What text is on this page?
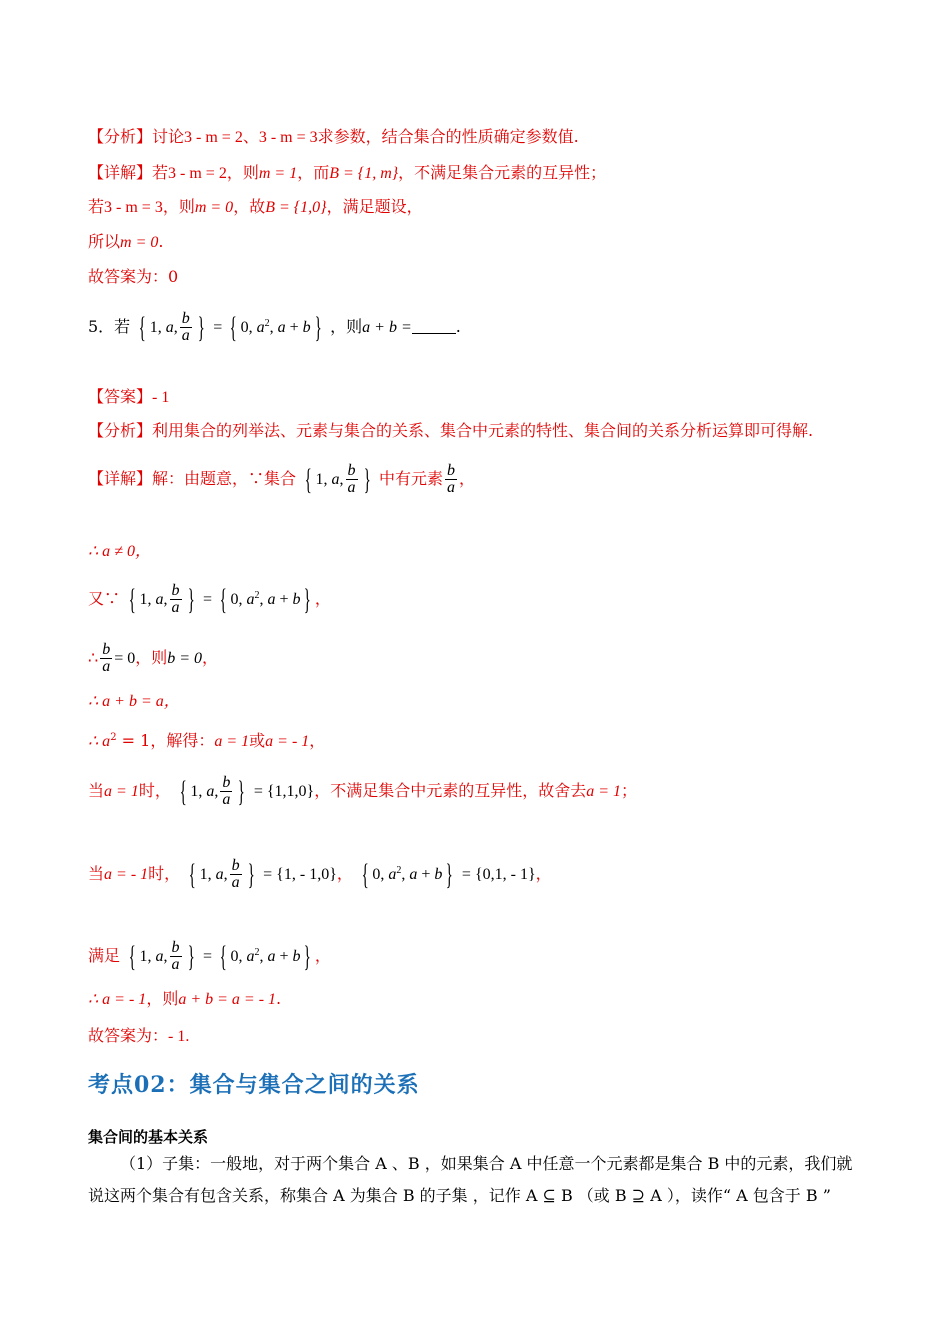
【分析】讨论3 - m = 2、3 - m = 3求参数，结合集合的性质确定参数值.
【详解】若3 - m = 2，则m = 1，而B = {1, m}，不满足集合元素的互异性；
若3 - m = 3，则m = 0，故B = {1,0}，满足题设，
所以m = 0.
故答案为：0
5．若 { 1, a, $\frac{b}{a}$ } = { 0, $a^2$, a + b } ，则a + b =	.
【答案】- 1
【分析】利用集合的列举法、元素与集合的关系、集合中元素的特性、集合间的关系分析运算即可得解.
【详解】解：由题意，∵集合 { 1, a, $\frac{b}{a}$ } 中有元素 $\frac{b}{a}$ ，
∴ a ≠ 0，
又∵ { 1, a, $\frac{b}{a}$ } = { 0, $a^2$, a + b } ，
∴ $\frac{b}{a} = 0$，则b = 0，
∴ a + b = a，
∴ $a^2 = 1$，解得：a = 1或a = - 1，
当a = 1时， { 1, a, $\frac{b}{a}$ } = {1,1,0}，不满足集合中元素的互异性，故舍去a = 1；
当a = - 1时， { 1, a, $\frac{b}{a}$ } = {1, - 1,0}， { 0, $a^2$, a + b } = {0,1, - 1}，
满足 { 1, a, $\frac{b}{a}$ } = { 0, $a^2$, a + b } ，
∴ a = - 1，则a + b = a = - 1.
故答案为：- 1.
考点02：集合与集合之间的关系
集合间的基本关系
（1）子集：一般地，对于两个集合 A 、B ，如果集合 A 中任意一个元素都是集合 B 中的元素，我们就说这两个集合有包含关系，称集合 A 为集合 B 的子集 ，记作 A ⊆ B （或 B ⊇ A ），读作“ A 包含于 B ”
